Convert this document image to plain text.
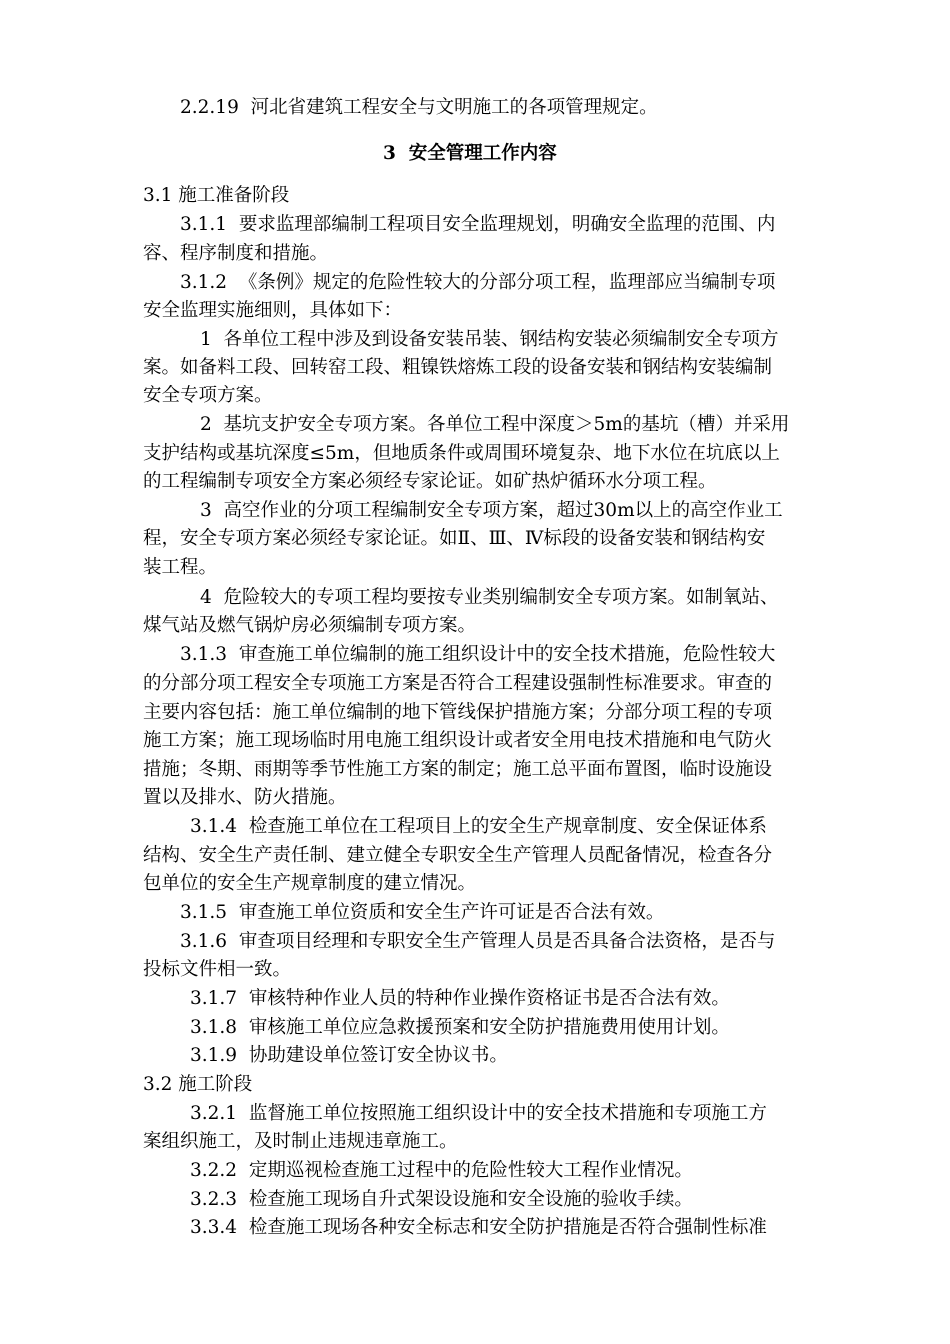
2.2.19  河北省建筑工程安全与文明施工的各项管理规定。
3  安全管理工作内容
3.1 施工准备阶段
3.1.1  要求监理部编制工程项目安全监理规划，明确安全监理的范围、内
容、程序制度和措施。
3.1.2  《条例》规定的危险性较大的分部分项工程，监理部应当编制专项
安全监理实施细则，具体如下：
1  各单位工程中涉及到设备安装吊装、钢结构安装必须编制安全专项方
案。如备料工段、回转窑工段、粗镍铁熔炼工段的设备安装和钢结构安装编制
安全专项方案。
2  基坑支护安全专项方案。各单位工程中深度＞5m的基坑（槽）并采用
支护结构或基坑深度≤5m，但地质条件或周围环境复杂、地下水位在坑底以上
的工程编制专项安全方案必须经专家论证。如矿热炉循环水分项工程。
3  高空作业的分项工程编制安全专项方案，超过30m以上的高空作业工
程，安全专项方案必须经专家论证。如Ⅱ、Ⅲ、Ⅳ标段的设备安装和钢结构安
装工程。
4  危险较大的专项工程均要按专业类别编制安全专项方案。如制氧站、
煤气站及燃气锅炉房必须编制专项方案。
3.1.3  审查施工单位编制的施工组织设计中的安全技术措施，危险性较大
的分部分项工程安全专项施工方案是否符合工程建设强制性标准要求。审查的
主要内容包括：施工单位编制的地下管线保护措施方案；分部分项工程的专项
施工方案；施工现场临时用电施工组织设计或者安全用电技术措施和电气防火
措施；冬期、雨期等季节性施工方案的制定；施工总平面布置图，临时设施设
置以及排水、防火措施。
3.1.4  检查施工单位在工程项目上的安全生产规章制度、安全保证体系
结构、安全生产责任制、建立健全专职安全生产管理人员配备情况，检查各分
包单位的安全生产规章制度的建立情况。
3.1.5  审查施工单位资质和安全生产许可证是否合法有效。
3.1.6  审查项目经理和专职安全生产管理人员是否具备合法资格，是否与
投标文件相一致。
3.1.7  审核特种作业人员的特种作业操作资格证书是否合法有效。
3.1.8  审核施工单位应急救援预案和安全防护措施费用使用计划。
3.1.9  协助建设单位签订安全协议书。
3.2 施工阶段
3.2.1  监督施工单位按照施工组织设计中的安全技术措施和专项施工方
案组织施工，及时制止违规违章施工。
3.2.2  定期巡视检查施工过程中的危险性较大工程作业情况。
3.2.3  检查施工现场自升式架设设施和安全设施的验收手续。
3.3.4  检查施工现场各种安全标志和安全防护措施是否符合强制性标准
